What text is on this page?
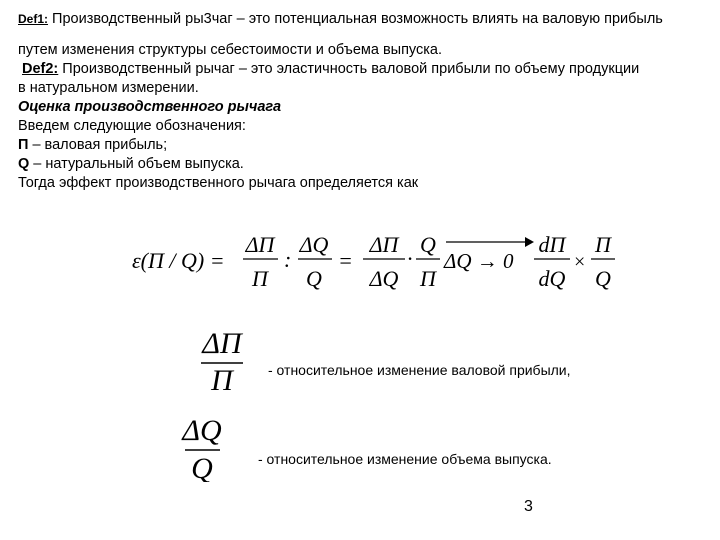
Def1: Производственный ры3чаг – это потенциальная возможность влиять на валовую прибыль
путем изменения структуры себестоимости и объема выпуска.
Def2: Производственный рычаг – это эластичность валовой прибыли по объему продукции
в натуральном измерении.
Оценка производственного рычага
Введем следующие обозначения:
П – валовая прибыль;
Q – натуральный объем выпуска.
Тогда эффект производственного рычага определяется как
ε(П / Q) =
ΔП
П
:
ΔQ
Q
=
ΔП
ΔQ
·
Q
П
ΔQ → 0
dП
dQ
×
П
Q
ΔП
П	- относительное изменение валовой прибыли,
ΔQ
Q	- относительное изменение объема выпуска.
3
